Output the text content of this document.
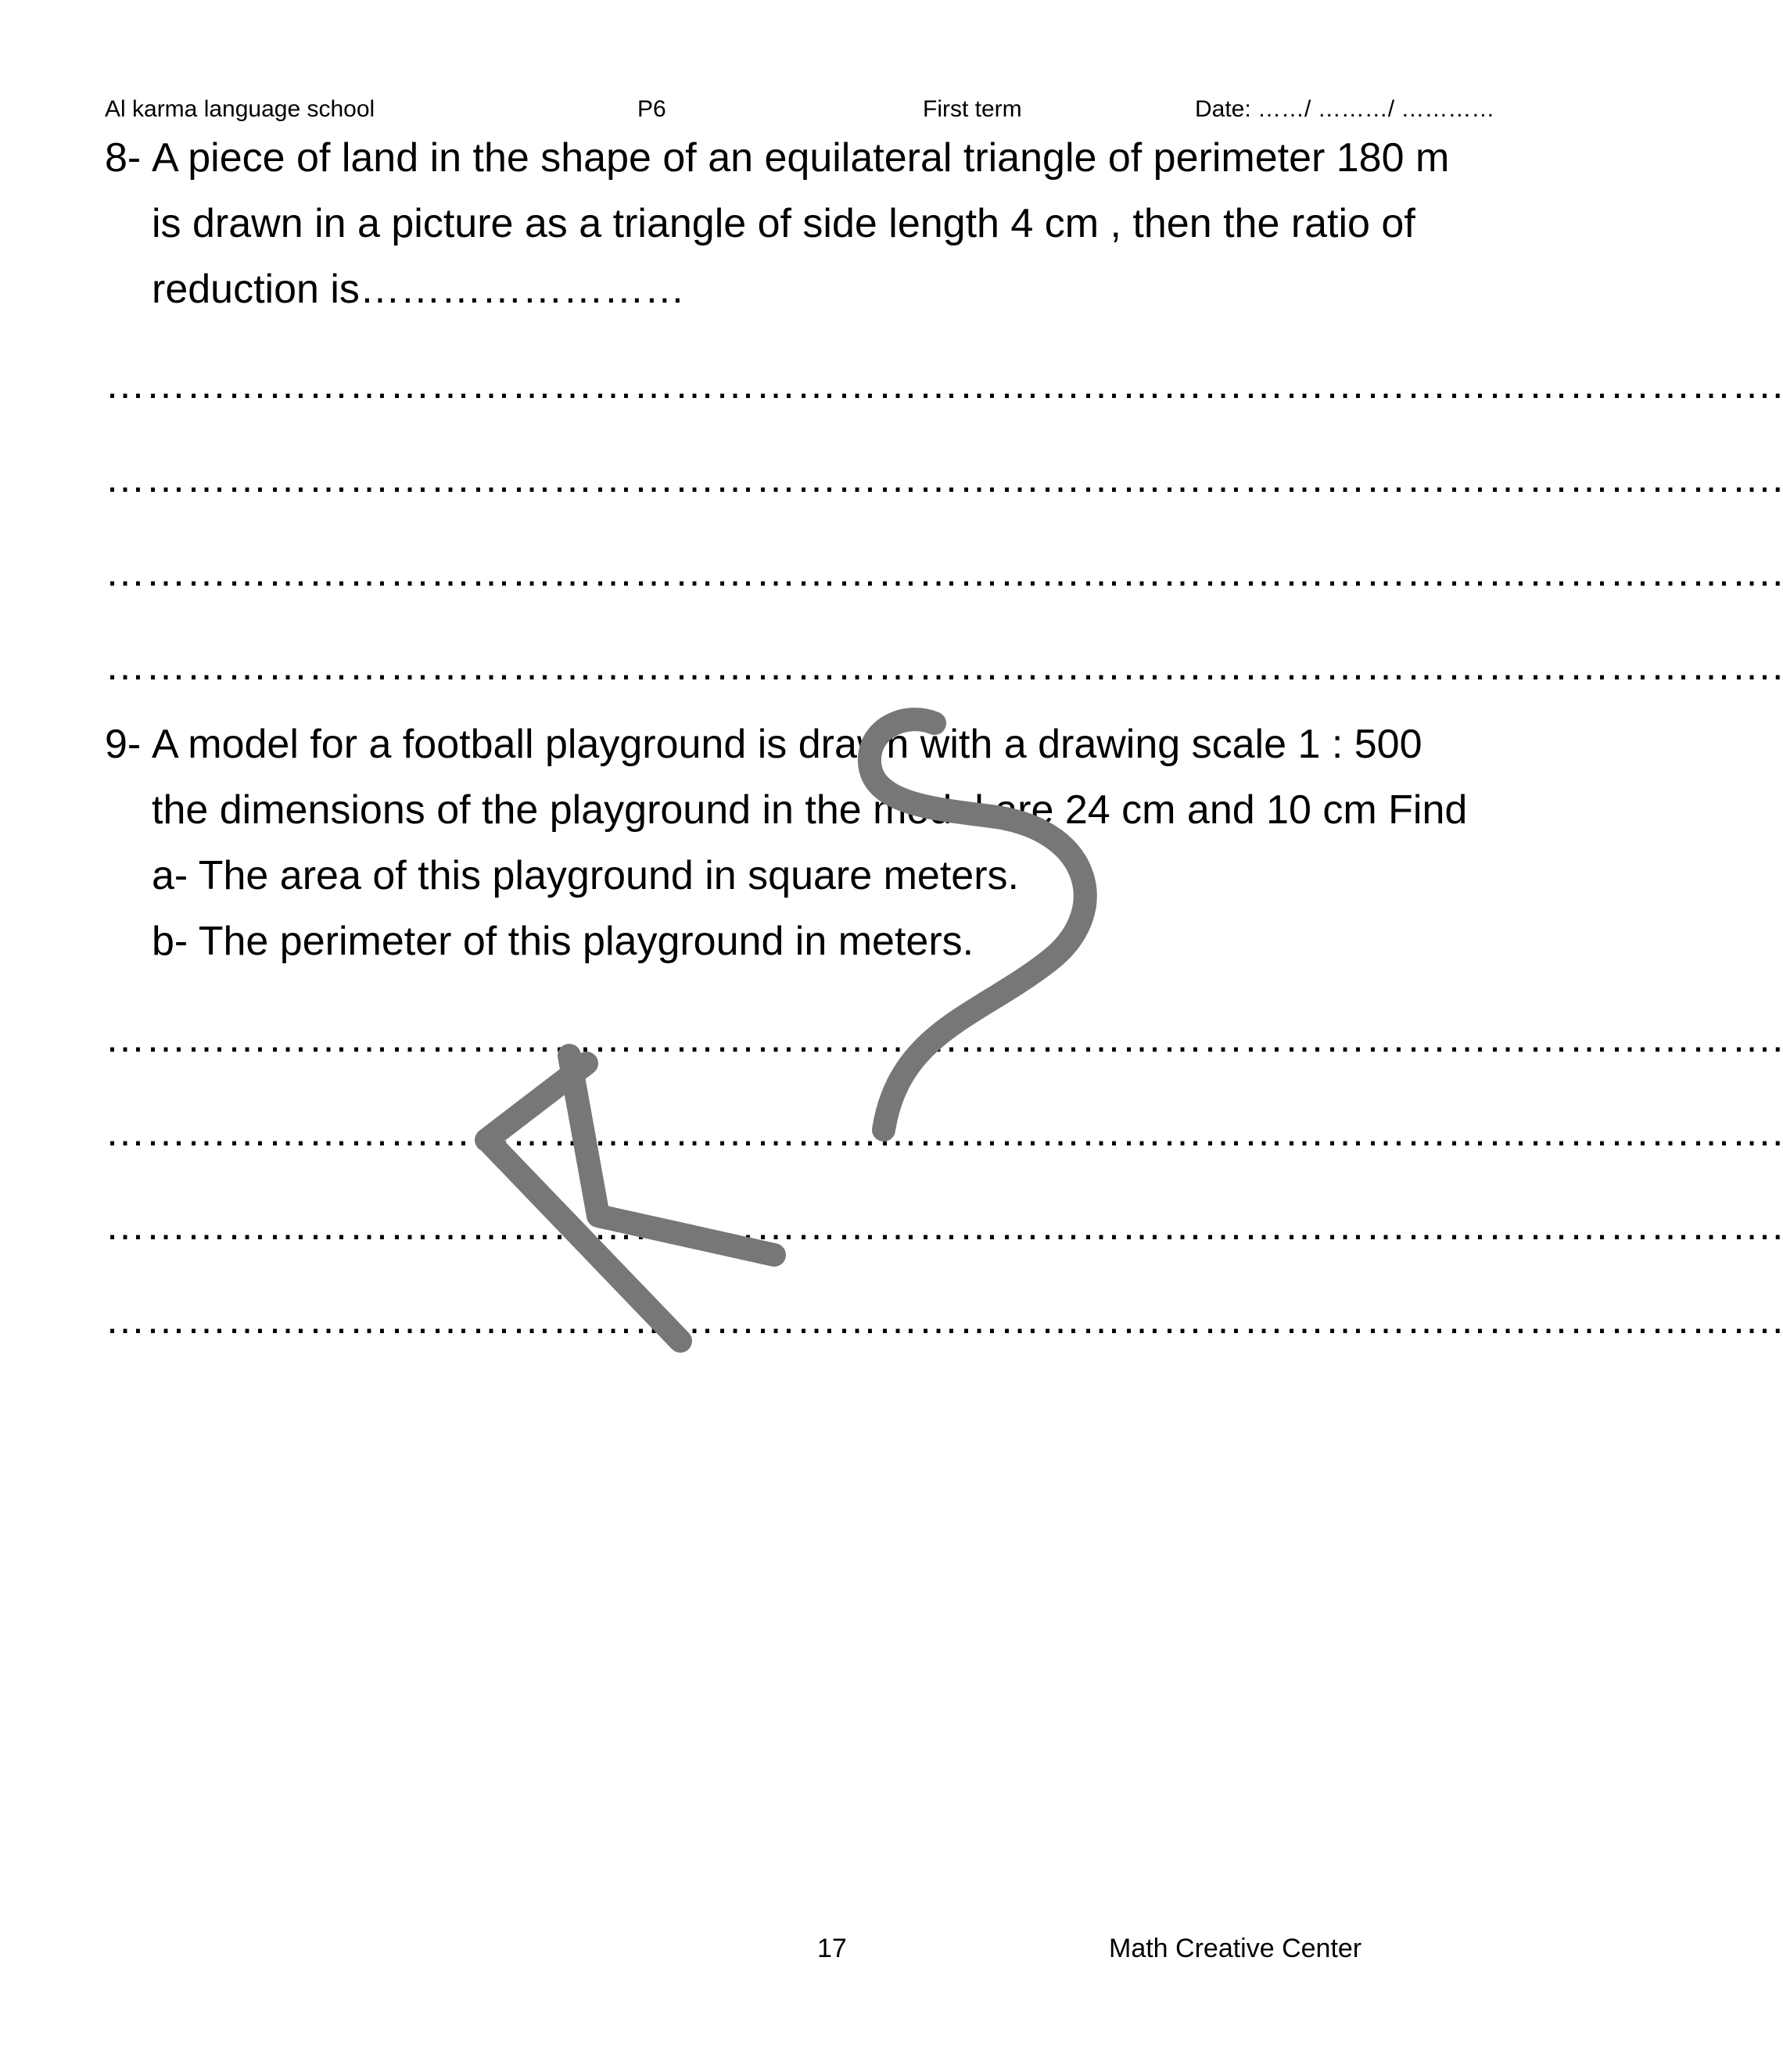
Al karma language school	P6	First term	Date: ……/ ………/ …………
8- A piece of land in the shape of an equilateral triangle of perimeter 180 m
is drawn in a picture as a triangle of side length 4 cm , then the ratio of
reduction is……………………
…………………………………………………………………………………………………………….
…………………………………………………………………………………………………………….
…………………………………………………………………………………………………………….
…………………………………………………………………………………………………………….
9- A model for a football playground is drawn with a drawing scale 1 : 500
the dimensions of the playground in the model are 24 cm and 10 cm Find
a- The area of this playground in square meters.
b- The perimeter of this playground in meters.
…………………………………………………………………………………………………………….
…………………………………………………………………………………………………………….
…………………………………………………………………………………………………………….
…………………………………………………………………………………………………………….
17	Math Creative Center
